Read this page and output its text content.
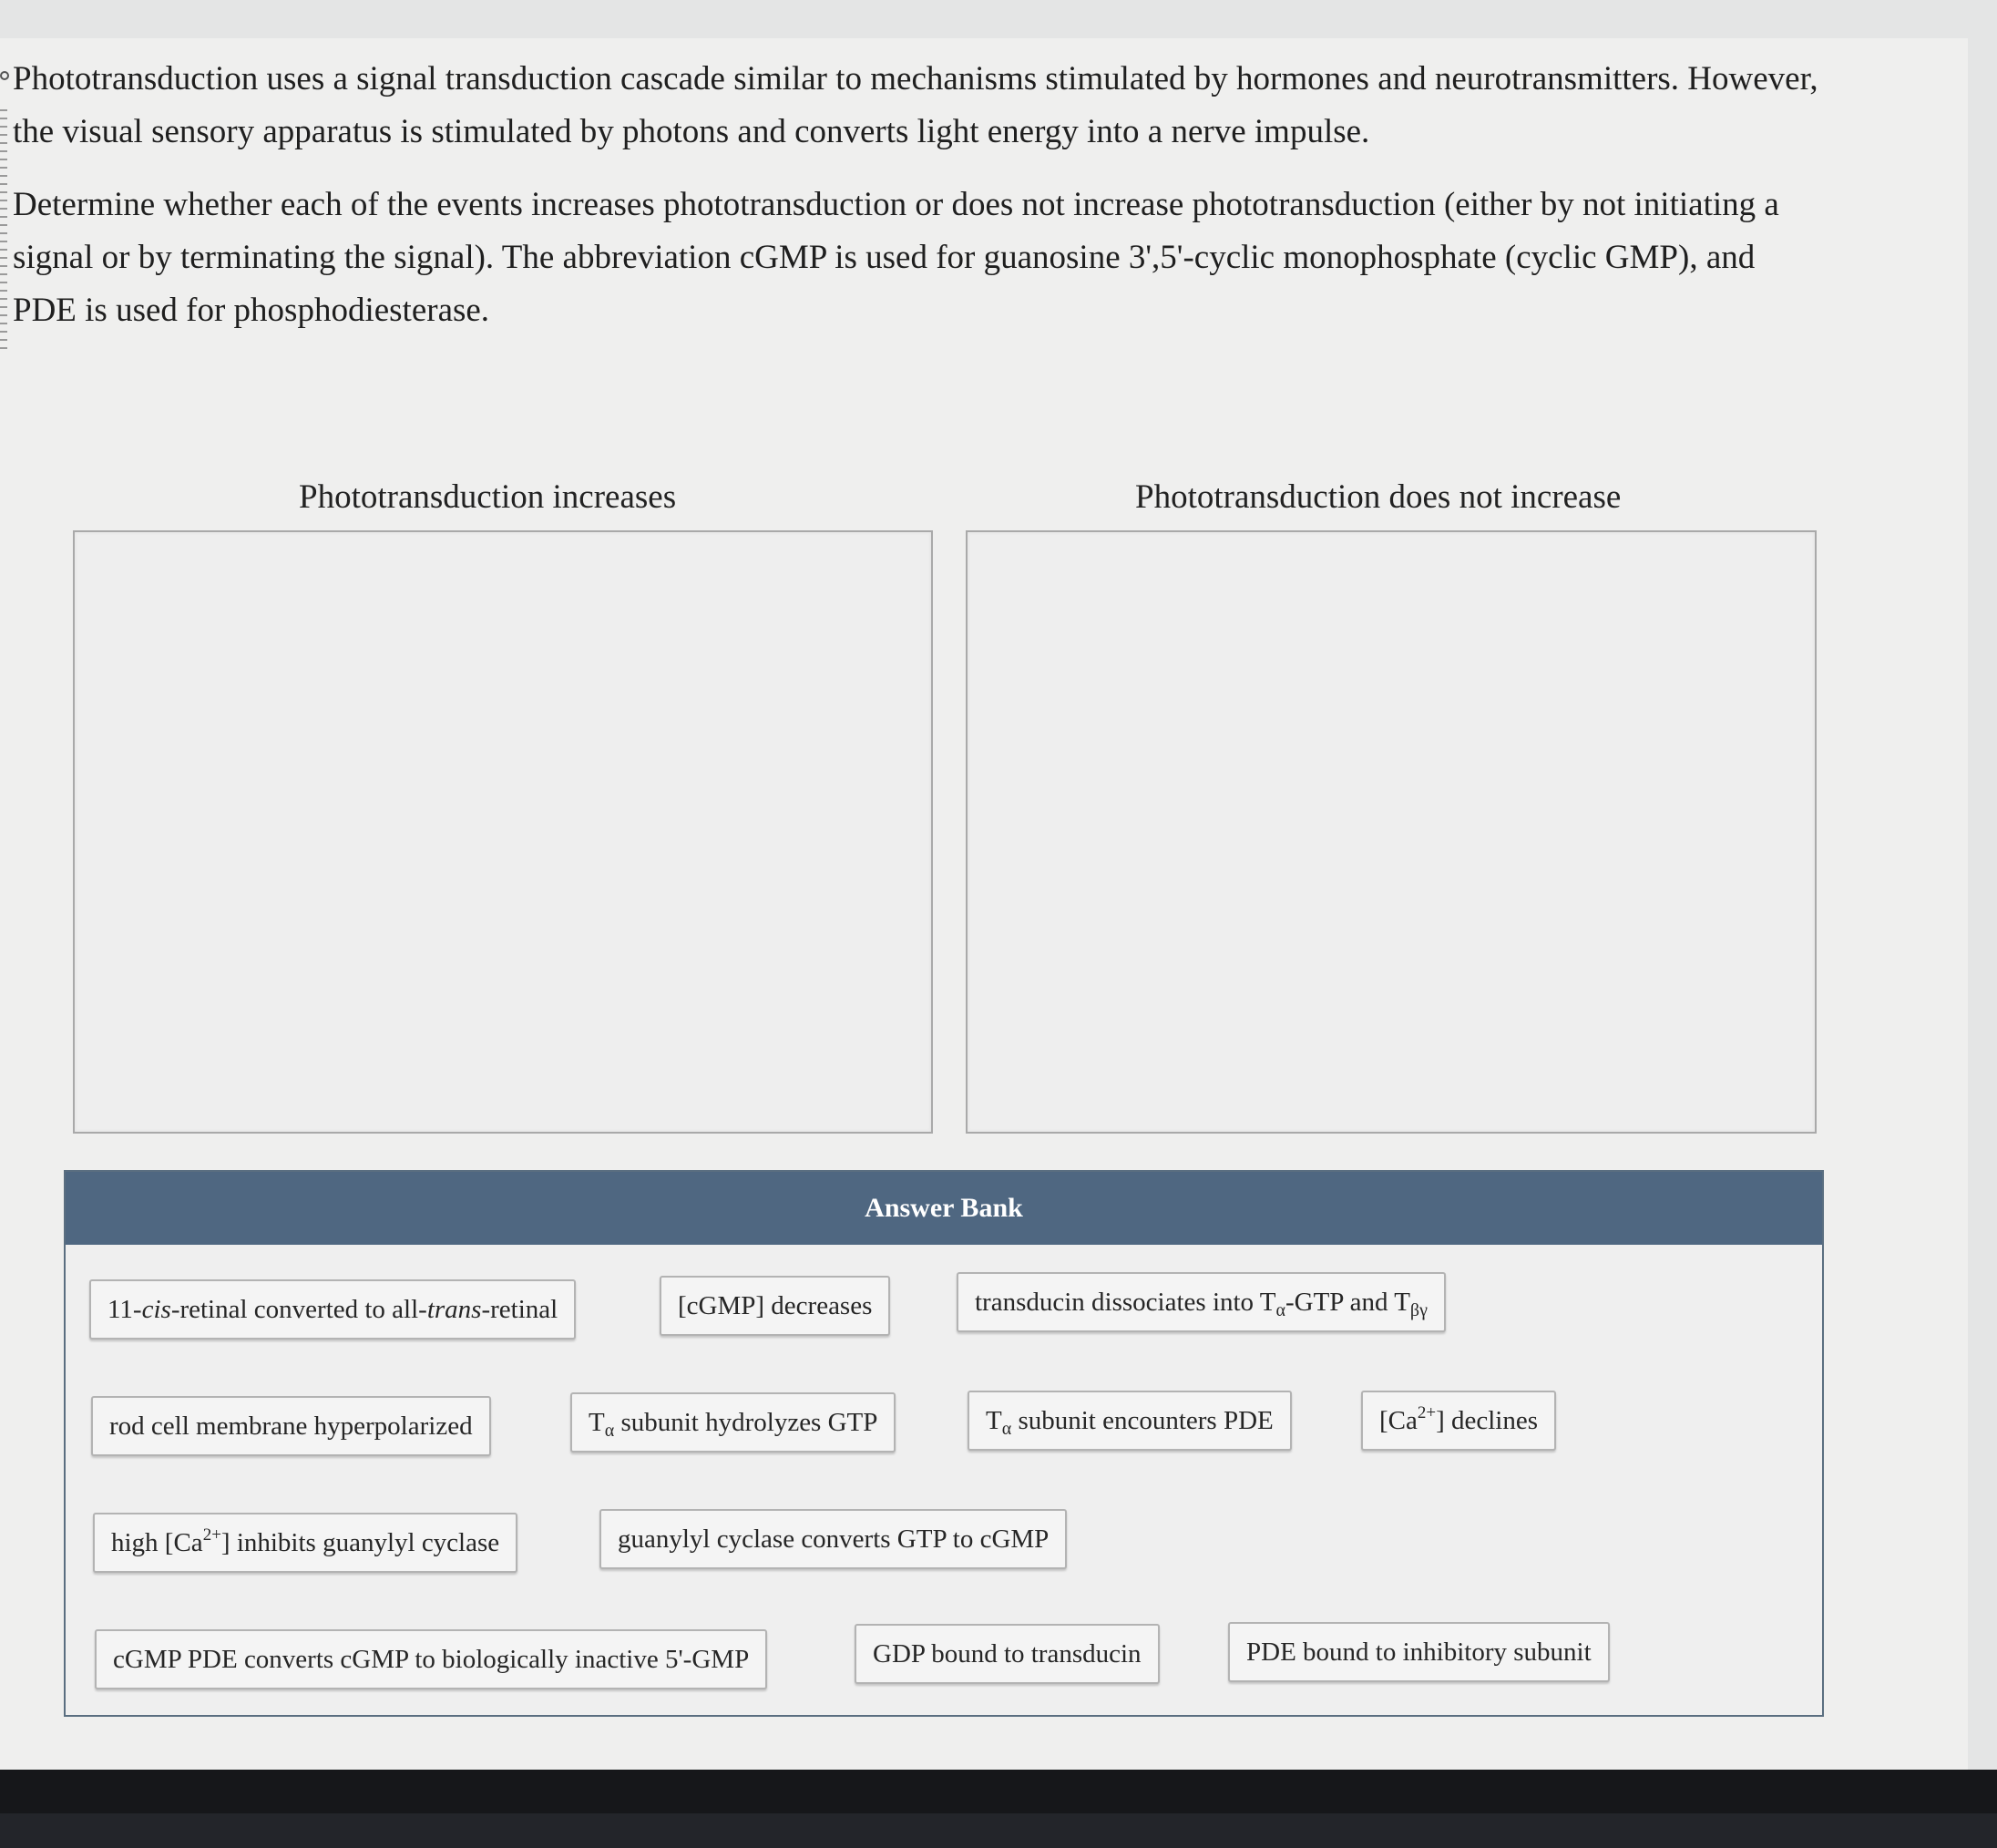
Phototransduction uses a signal transduction cascade similar to mechanisms stimulated by hormones and neurotransmitters. However, the visual sensory apparatus is stimulated by photons and converts light energy into a nerve impulse.

Determine whether each of the events increases phototransduction or does not increase phototransduction (either by not initiating a signal or by terminating the signal). The abbreviation cGMP is used for guanosine 3',5'-cyclic monophosphate (cyclic GMP), and PDE is used for phosphodiesterase.

Phototransduction increases	Phototransduction does not increase
Answer Bank
11-cis-retinal converted to all-trans-retinal	[cGMP] decreases	transducin dissociates into $T_\alpha$-GTP and $T_{\beta\gamma}$
rod cell membrane hyperpolarized	$T_\alpha$ subunit hydrolyzes GTP	$T_\alpha$ subunit encounters PDE	$[Ca^{2+}]$ declines
high $[Ca^{2+}]$ inhibits guanylyl cyclase	guanylyl cyclase converts GTP to cGMP
cGMP PDE converts cGMP to biologically inactive 5'-GMP	GDP bound to transducin	PDE bound to inhibitory subunit
